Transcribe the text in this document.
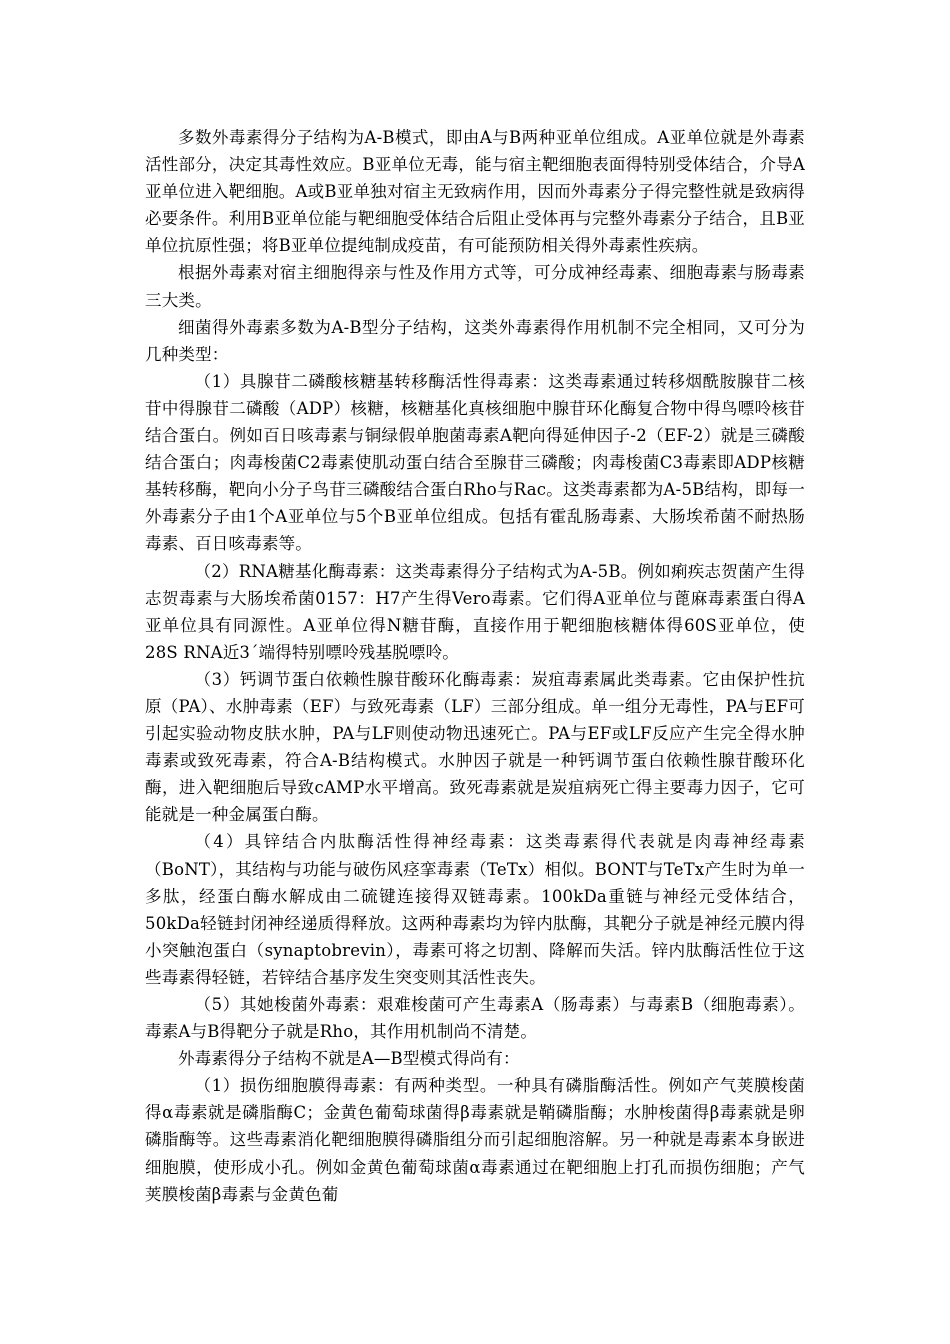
多数外毒素得分子结构为A-B模式，即由A与B两种亚单位组成。A亚单位就是外毒素活性部分，决定其毒性效应。B亚单位无毒，能与宿主靶细胞表面得特别受体结合，介导A亚单位进入靶细胞。A或B亚单独对宿主无致病作用，因而外毒素分子得完整性就是致病得必要条件。利用B亚单位能与靶细胞受体结合后阻止受体再与完整外毒素分子结合，且B亚单位抗原性强；将B亚单位提纯制成疫苗，有可能预防相关得外毒素性疾病。

根据外毒素对宿主细胞得亲与性及作用方式等，可分成神经毒素、细胞毒素与肠毒素三大类。

细菌得外毒素多数为A-B型分子结构，这类外毒素得作用机制不完全相同，又可分为几种类型：

（1）具腺苷二磷酸核糖基转移酶活性得毒素：这类毒素通过转移烟酰胺腺苷二核苷中得腺苷二磷酸（ADP）核糖，核糖基化真核细胞中腺苷环化酶复合物中得鸟嘌呤核苷结合蛋白。例如百日咳毒素与铜绿假单胞菌毒素A靶向得延伸因子-2（EF-2）就是三磷酸结合蛋白；肉毒梭菌C2毒素使肌动蛋白结合至腺苷三磷酸；肉毒梭菌C3毒素即ADP核糖基转移酶，靶向小分子鸟苷三磷酸结合蛋白Rho与Rac。这类毒素都为A-5B结构，即每一外毒素分子由1个A亚单位与5个B亚单位组成。包括有霍乱肠毒素、大肠埃希菌不耐热肠毒素、百日咳毒素等。

（2）RNA糖基化酶毒素：这类毒素得分子结构式为A-5B。例如痢疾志贺菌产生得志贺毒素与大肠埃希菌0157：H7产生得Vero毒素。它们得A亚单位与蓖麻毒素蛋白得A亚单位具有同源性。A亚单位得N糖苷酶，直接作用于靶细胞核糖体得60S亚单位，使28S RNA近3´端得特别嘌呤残基脱嘌呤。

（3）钙调节蛋白依赖性腺苷酸环化酶毒素：炭疽毒素属此类毒素。它由保护性抗原（PA）、水肿毒素（EF）与致死毒素（LF）三部分组成。单一组分无毒性，PA与EF可引起实验动物皮肤水肿，PA与LF则使动物迅速死亡。PA与EF或LF反应产生完全得水肿毒素或致死毒素，符合A-B结构模式。水肿因子就是一种钙调节蛋白依赖性腺苷酸环化酶，进入靶细胞后导致cAMP水平增高。致死毒素就是炭疽病死亡得主要毒力因子，它可能就是一种金属蛋白酶。

（4）具锌结合内肽酶活性得神经毒素：这类毒素得代表就是肉毒神经毒素（BoNT），其结构与功能与破伤风痉挛毒素（TeTx）相似。BONT与TeTx产生时为单一多肽，经蛋白酶水解成由二硫键连接得双链毒素。100kDa重链与神经元受体结合，50kDa轻链封闭神经递质得释放。这两种毒素均为锌内肽酶，其靶分子就是神经元膜内得小突触泡蛋白（synaptobrevin），毒素可将之切割、降解而失活。锌内肽酶活性位于这些毒素得轻链，若锌结合基序发生突变则其活性丧失。

（5）其她梭菌外毒素：艰难梭菌可产生毒素A（肠毒素）与毒素B（细胞毒素）。毒素A与B得靶分子就是Rho，其作用机制尚不清楚。

外毒素得分子结构不就是A—B型模式得尚有：

（1）损伤细胞膜得毒素：有两种类型。一种具有磷脂酶活性。例如产气荚膜梭菌得α毒素就是磷脂酶C；金黄色葡萄球菌得β毒素就是鞘磷脂酶；水肿梭菌得β毒素就是卵磷脂酶等。这些毒素消化靶细胞膜得磷脂组分而引起细胞溶解。另一种就是毒素本身嵌进细胞膜，使形成小孔。例如金黄色葡萄球菌α毒素通过在靶细胞上打孔而损伤细胞；产气荚膜梭菌β毒素与金黄色葡
